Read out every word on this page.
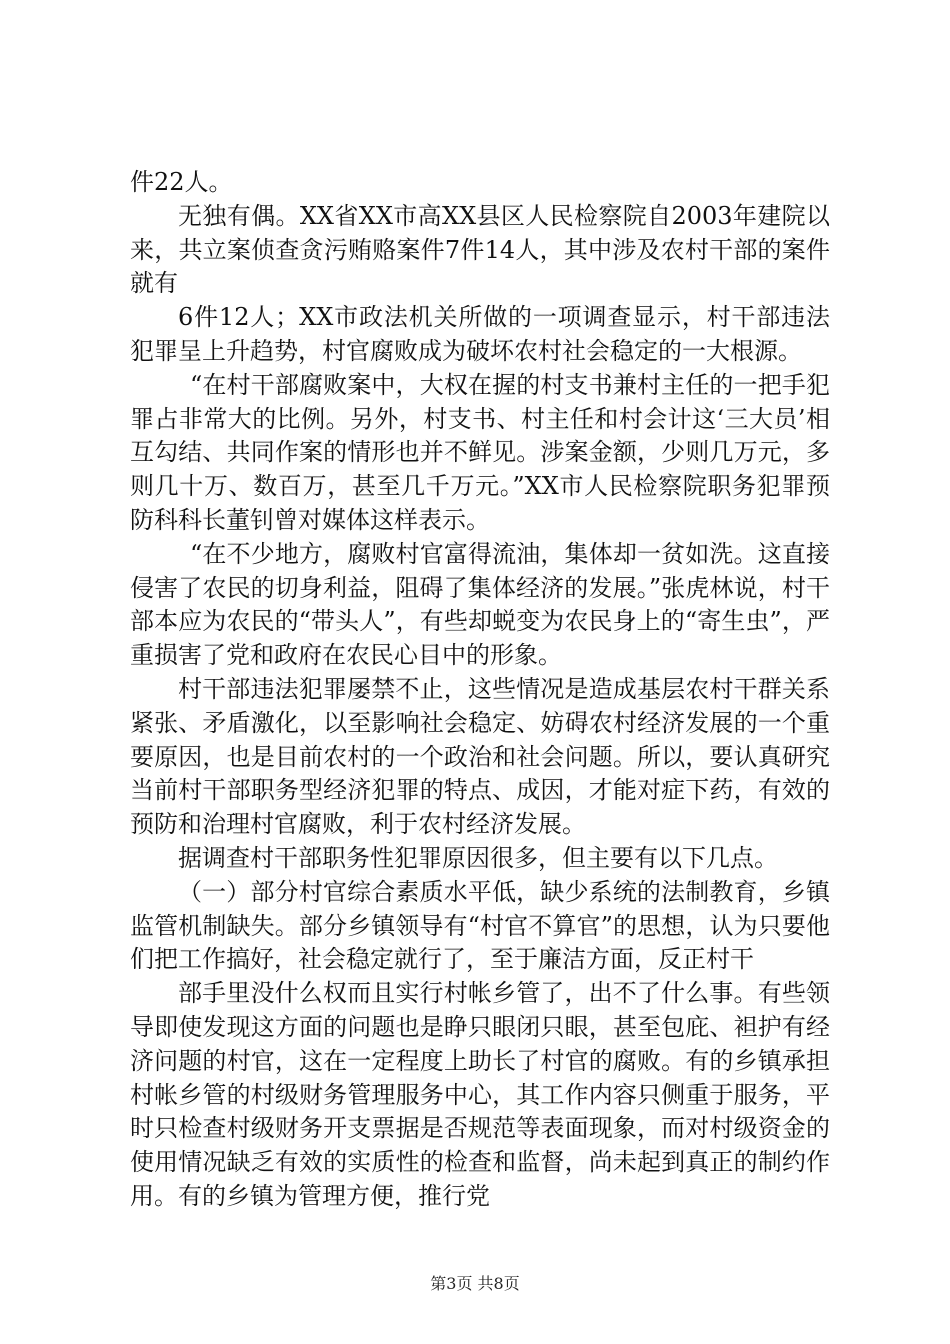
件22人。

无独有偶。XX省XX市高XX县区人民检察院自2003年建院以来，共立案侦查贪污贿赂案件7件14人，其中涉及农村干部的案件就有

6件12人；XX市政法机关所做的一项调查显示，村干部违法犯罪呈上升趋势，村官腐败成为破坏农村社会稳定的一大根源。

“在村干部腐败案中，大权在握的村支书兼村主任的一把手犯罪占非常大的比例。另外，村支书、村主任和村会计这‘三大员’相互勾结、共同作案的情形也并不鲜见。涉案金额，少则几万元，多则几十万、数百万，甚至几千万元。”XX市人民检察院职务犯罪预防科科长董钊曾对媒体这样表示。

“在不少地方，腐败村官富得流油，集体却一贫如洗。这直接侵害了农民的切身利益，阻碍了集体经济的发展。”张虎林说，村干部本应为农民的“带头人”，有些却蜕变为农民身上的“寄生虫”，严重损害了党和政府在农民心目中的形象。

村干部违法犯罪屡禁不止，这些情况是造成基层农村干群关系紧张、矛盾激化，以至影响社会稳定、妨碍农村经济发展的一个重要原因，也是目前农村的一个政治和社会问题。所以，要认真研究当前村干部职务型经济犯罪的特点、成因，才能对症下药，有效的预防和治理村官腐败，利于农村经济发展。

据调查村干部职务性犯罪原因很多，但主要有以下几点。

（一）部分村官综合素质水平低，缺少系统的法制教育，乡镇监管机制缺失。部分乡镇领导有“村官不算官”的思想，认为只要他们把工作搞好，社会稳定就行了，至于廉洁方面，反正村干

部手里没什么权而且实行村帐乡管了，出不了什么事。有些领导即使发现这方面的问题也是睁只眼闭只眼，甚至包庇、袒护有经济问题的村官，这在一定程度上助长了村官的腐败。有的乡镇承担村帐乡管的村级财务管理服务中心，其工作内容只侧重于服务，平时只检查村级财务开支票据是否规范等表面现象，而对村级资金的使用情况缺乏有效的实质性的检查和监督，尚未起到真正的制约作用。有的乡镇为管理方便，推行党

第3页 共8页
